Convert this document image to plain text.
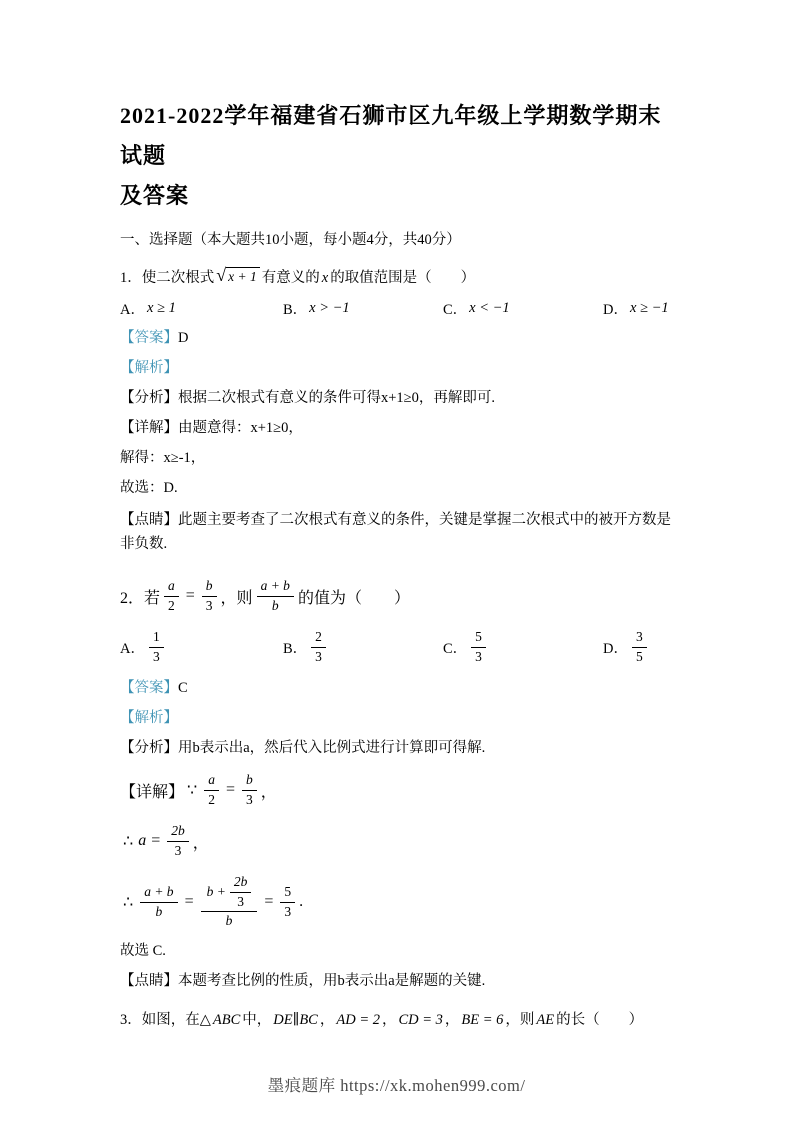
2021-2022学年福建省石狮市区九年级上学期数学期末试题
及答案
一、选择题（本大题共10小题，每小题4分，共40分）
1．使二次根式 √ x + 1 有意义的 x 的取值范围是（　　）
A． x ≥ 1	B． x > −1	C． x < −1	D． x ≥ −1
【答案】D
【解析】
【分析】根据二次根式有意义的条件可得x+1≥0，再解即可.
【详解】由题意得：x+1≥0，
解得：x≥-1，
故选：D.
【点睛】此题主要考查了二次根式有意义的条件，关键是掌握二次根式中的被开方数是非负数.
2．若 $\frac{a}{2} = \frac{b}{3}$ ，则 $\frac{a + b}{b}$ 的值为（　　）
A． $\frac{1}{3}$	B． $\frac{2}{3}$	C． $\frac{5}{3}$	D． $\frac{3}{5}$
【答案】C
【解析】
【分析】用b表示出a，然后代入比例式进行计算即可得解.
【详解】 ∵ $\frac{a}{2} = \frac{b}{3}$ ，
∴ $a = \frac{2b}{3}$ ，
∴ $\frac{a + b}{b} = \frac{b + \frac{2b}{3}}{b} = \frac{5}{3}$ .
故选 C.
【点睛】本题考查比例的性质，用b表示出a是解题的关键.
3．如图，在△ ABC 中， DE∥BC ， AD = 2 ， CD = 3 ， BE = 6 ，则 AE 的长（　　）
墨痕题库 https://xk.mohen999.com/
